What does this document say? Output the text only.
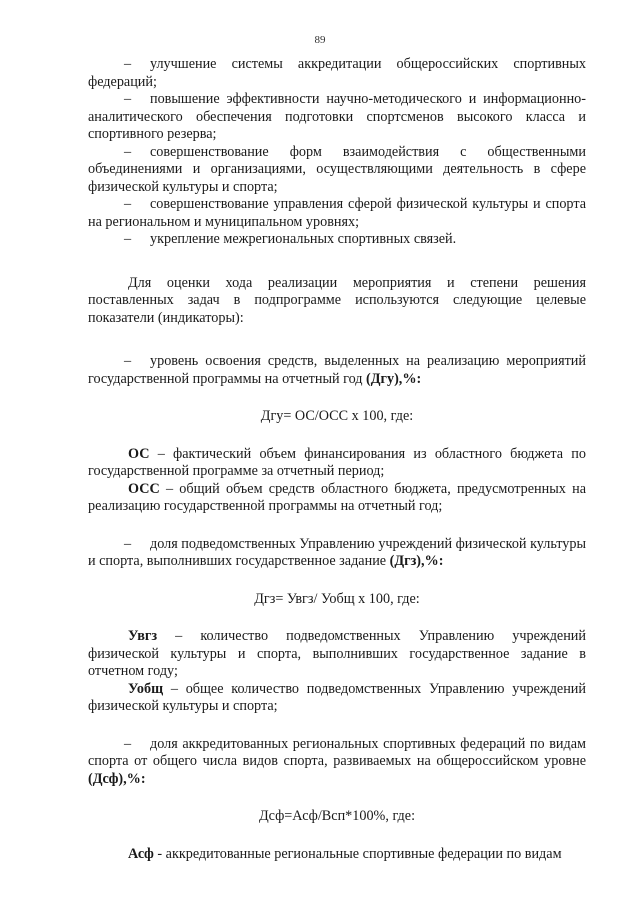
89

– улучшение системы аккредитации общероссийских спортивных федераций;

– повышение эффективности научно-методического и информационно-аналитического обеспечения подготовки спортсменов высокого класса и спортивного резерва;

– совершенствование форм взаимодействия с общественными объединениями и организациями, осуществляющими деятельность в сфере физической культуры и спорта;

– совершенствование управления сферой физической культуры и спорта на региональном и муниципальном уровнях;

– укрепление межрегиональных спортивных связей.

Для оценки хода реализации мероприятия и степени решения поставленных задач в подпрограмме используются следующие целевые показатели (индикаторы):

– уровень освоения средств, выделенных на реализацию мероприятий государственной программы на отчетный год (Дгу),%:

Дгу= ОС/ОСС х 100, где:

ОС – фактический объем финансирования из областного бюджета по государственной программе за отчетный период;

ОСС – общий объем средств областного бюджета, предусмотренных на реализацию государственной программы на отчетный год;

– доля подведомственных Управлению учреждений физической культуры и спорта, выполнивших государственное задание (Дгз),%:

Дгз= Увгз/ Уобщ х 100, где:

Увгз – количество подведомственных Управлению учреждений физической культуры и спорта, выполнивших государственное задание в отчетном году;

Уобщ – общее количество подведомственных Управлению учреждений физической культуры и спорта;

– доля аккредитованных региональных спортивных федераций по видам спорта от общего числа видов спорта, развиваемых на общероссийском уровне (Дсф),%:

Дсф=Асф/Всп*100%, где:

Асф - аккредитованные региональные спортивные федерации по видам
